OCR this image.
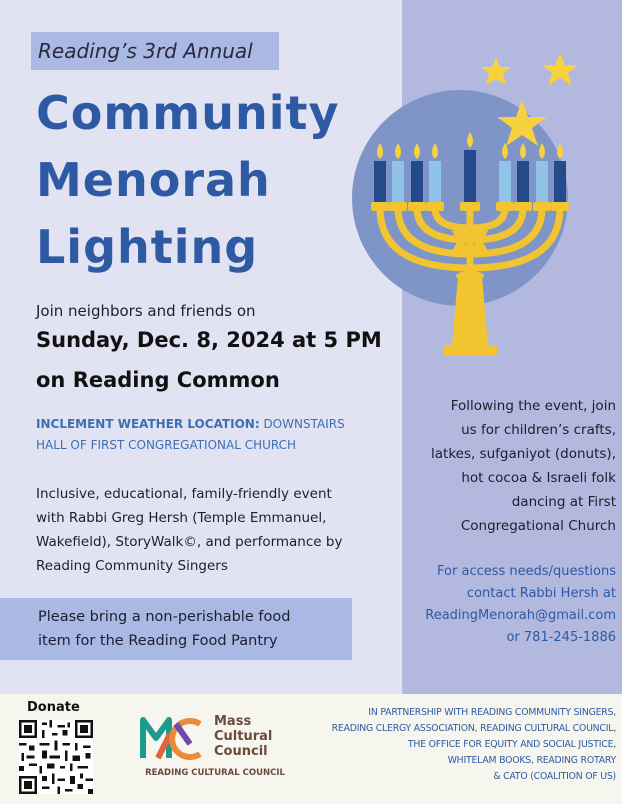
Reading’s 3rd Annual
Community
Menorah
Lighting
Join neighbors and friends on
Sunday, Dec. 8, 2024 at 5 PM
on Reading Common
INCLEMENT WEATHER LOCATION: DOWNSTAIRS
HALL OF FIRST CONGREGATIONAL CHURCH
Inclusive, educational, family-friendly event
with Rabbi Greg Hersh (Temple Emmanuel,
Wakefield), StoryWalk©, and performance by
Reading Community Singers
Please bring a non-perishable food
item for the Reading Food Pantry
Following the event, join
us for children’s crafts,
latkes, sufganiyot (donuts),
hot cocoa & Israeli folk
dancing at First
Congregational Church
For access needs/questions
contact Rabbi Hersh at
ReadingMenorah@gmail.com
or 781-245-1886
Donate
Mass
Cultural
Council
READING CULTURAL COUNCIL
IN PARTNERSHIP WITH READING COMMUNITY SINGERS,
READING CLERGY ASSOCIATION, READING CULTURAL COUNCIL,
THE OFFICE FOR EQUITY AND SOCIAL JUSTICE,
WHITELAM BOOKS, READING ROTARY
& CATO (COALITION OF US)
